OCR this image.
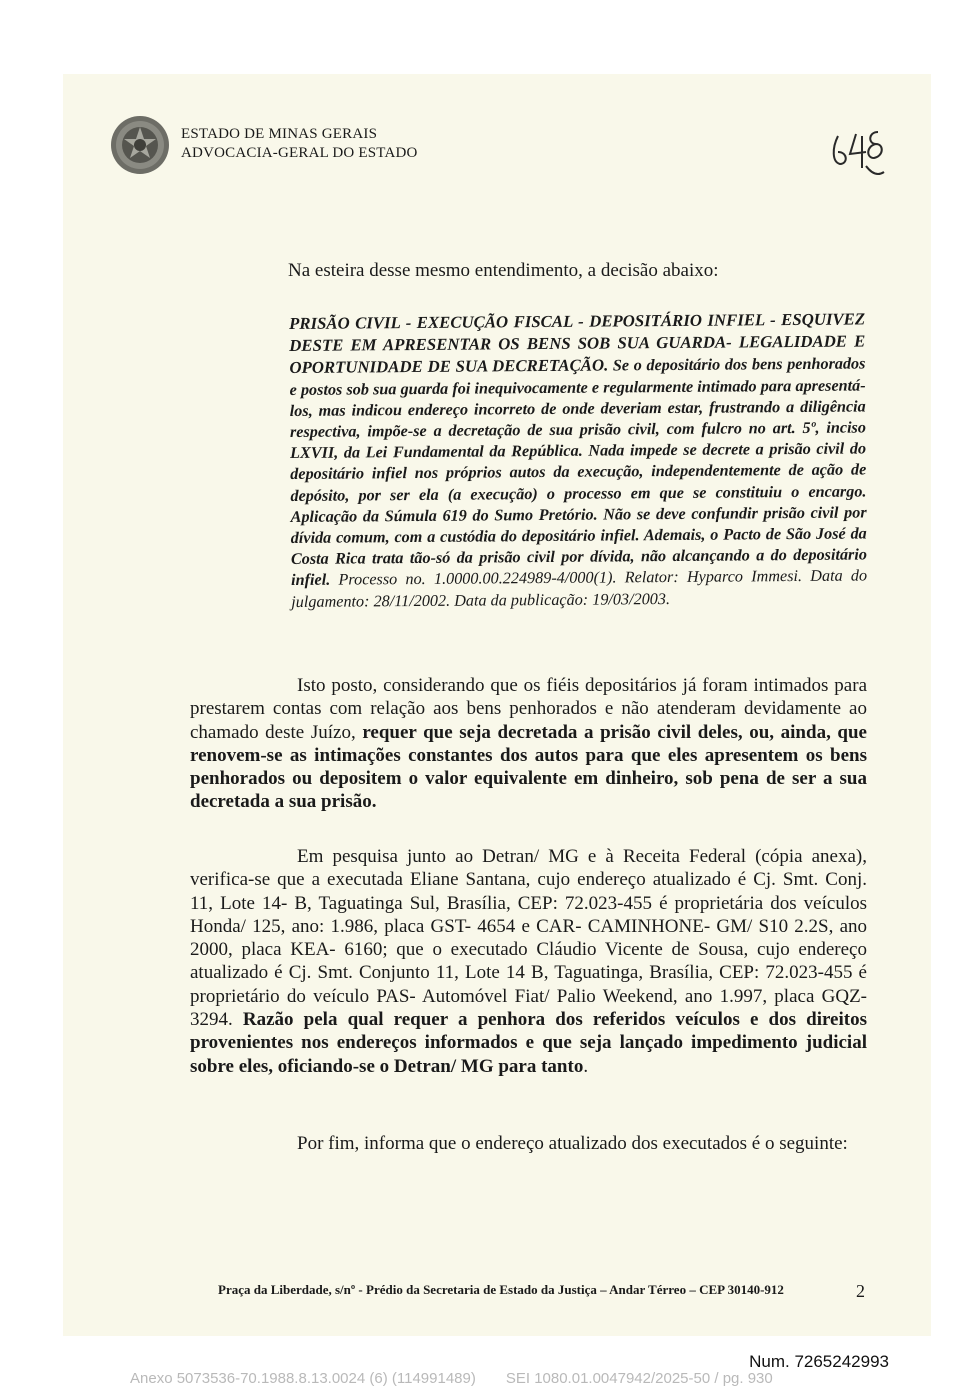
ESTADO DE MINAS GERAIS
ADVOCACIA-GERAL DO ESTADO
Na esteira desse mesmo entendimento, a decisão abaixo:
PRISÃO CIVIL - EXECUÇÃO FISCAL - DEPOSITÁRIO INFIEL - ESQUIVEZ DESTE EM APRESENTAR OS BENS SOB SUA GUARDA- LEGALIDADE E OPORTUNIDADE DE SUA DECRETAÇÃO. Se o depositário dos bens penhorados e postos sob sua guarda foi inequivocamente e regularmente intimado para apresentá-los, mas indicou endereço incorreto de onde deveriam estar, frustrando a diligência respectiva, impõe-se a decretação de sua prisão civil, com fulcro no art. 5º, inciso LXVII, da Lei Fundamental da República. Nada impede se decrete a prisão civil do depositário infiel nos próprios autos da execução, independentemente de ação de depósito, por ser ela (a execução) o processo em que se constituiu o encargo. Aplicação da Súmula 619 do Sumo Pretório. Não se deve confundir prisão civil por dívida comum, com a custódia do depositário infiel. Ademais, o Pacto de São José da Costa Rica trata tão-só da prisão civil por dívida, não alcançando a do depositário infiel. Processo no. 1.0000.00.224989-4/000(1). Relator: Hyparco Immesi. Data do julgamento: 28/11/2002. Data da publicação: 19/03/2003.
Isto posto, considerando que os fiéis depositários já foram intimados para prestarem contas com relação aos bens penhorados e não atenderam devidamente ao chamado deste Juízo, requer que seja decretada a prisão civil deles, ou, ainda, que renovem-se as intimações constantes dos autos para que eles apresentem os bens penhorados ou depositem o valor equivalente em dinheiro, sob pena de ser a sua decretada a sua prisão.
Em pesquisa junto ao Detran/ MG e à Receita Federal (cópia anexa), verifica-se que a executada Eliane Santana, cujo endereço atualizado é Cj. Smt. Conj. 11, Lote 14- B, Taguatinga Sul, Brasília, CEP: 72.023-455 é proprietária dos veículos Honda/ 125, ano: 1.986, placa GST- 4654 e CAR- CAMINHONE- GM/ S10 2.2S, ano 2000, placa KEA- 6160; que o executado Cláudio Vicente de Sousa, cujo endereço atualizado é Cj. Smt. Conjunto 11, Lote 14 B, Taguatinga, Brasília, CEP: 72.023-455 é proprietário do veículo PAS- Automóvel Fiat/ Palio Weekend, ano 1.997, placa GQZ- 3294. Razão pela qual requer a penhora dos referidos veículos e dos direitos provenientes nos endereços informados e que seja lançado impedimento judicial sobre eles, oficiando-se o Detran/ MG para tanto.
Por fim, informa que o endereço atualizado dos executados é o seguinte:
Praça da Liberdade, s/nº - Prédio da Secretaria de Estado da Justiça – Andar Térreo – CEP 30140-912	2
Num. 7265242993
Anexo 5073536-70.1988.8.13.0024 (6) (114991489) SEI 1080.01.0047942/2025-50 / pg. 930
